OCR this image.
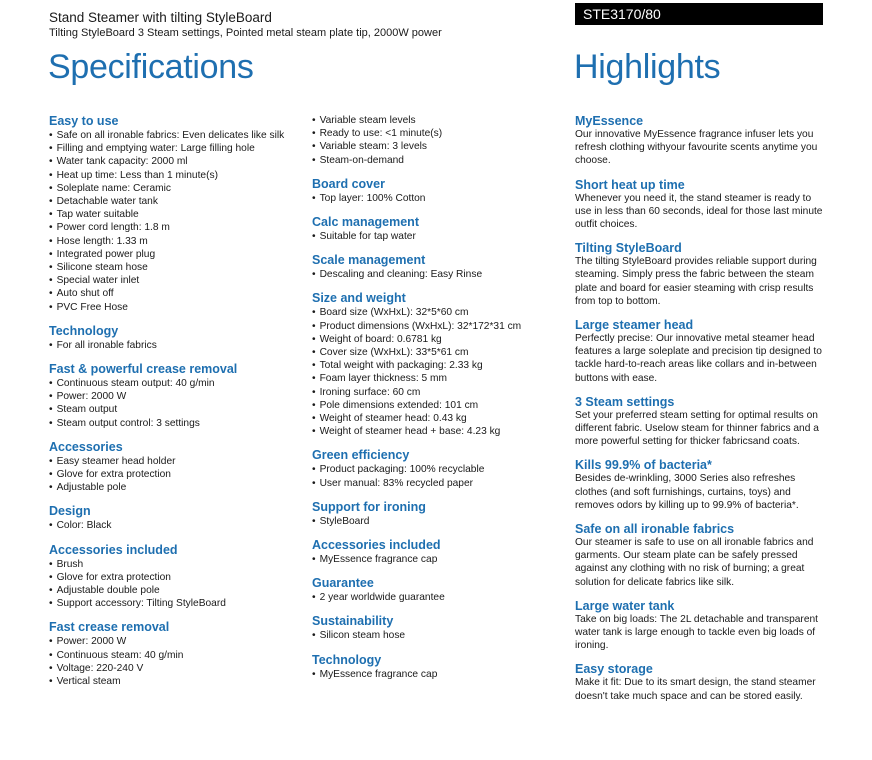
Stand Steamer with tilting StyleBoard
Tilting StyleBoard 3 Steam settings, Pointed metal steam plate tip, 2000W power
STE3170/80
Specifications	Highlights
Easy to use
• Safe on all ironable fabrics: Even delicates like silk
• Filling and emptying water: Large filling hole
• Water tank capacity: 2000 ml
• Heat up time: Less than 1 minute(s)
• Soleplate name: Ceramic
• Detachable water tank
• Tap water suitable
• Power cord length: 1.8 m
• Hose length: 1.33 m
• Integrated power plug
• Silicone steam hose
• Special water inlet
• Auto shut off
• PVC Free Hose
Technology
• For all ironable fabrics
Fast & powerful crease removal
• Continuous steam output: 40 g/min
• Power: 2000 W
• Steam output
• Steam output control: 3 settings
Accessories
• Easy steamer head holder
• Glove for extra protection
• Adjustable pole
Design
• Color: Black
Accessories included
• Brush
• Glove for extra protection
• Adjustable double pole
• Support accessory: Tilting StyleBoard
Fast crease removal
• Power: 2000 W
• Continuous steam: 40 g/min
• Voltage: 220-240 V
• Vertical steam
• Variable steam levels
• Ready to use: <1 minute(s)
• Variable steam: 3 levels
• Steam-on-demand
Board cover
• Top layer: 100% Cotton
Calc management
• Suitable for tap water
Scale management
• Descaling and cleaning: Easy Rinse
Size and weight
• Board size (WxHxL): 32*5*60 cm
• Product dimensions (WxHxL): 32*172*31 cm
• Weight of board: 0.6781 kg
• Cover size (WxHxL): 33*5*61 cm
• Total weight with packaging: 2.33 kg
• Foam layer thickness: 5 mm
• Ironing surface: 60 cm
• Pole dimensions extended: 101 cm
• Weight of steamer head: 0.43 kg
• Weight of steamer head + base: 4.23 kg
Green efficiency
• Product packaging: 100% recyclable
• User manual: 83% recycled paper
Support for ironing
• StyleBoard
Accessories included
• MyEssence fragrance cap
Guarantee
• 2 year worldwide guarantee
Sustainability
• Silicon steam hose
Technology
• MyEssence fragrance cap
MyEssence

Our innovative MyEssence fragrance infuser lets you refresh clothing withyour favourite scents anytime you choose.

Short heat up time

Whenever you need it, the stand steamer is ready to use in less than 60 seconds, ideal for those last minute outfit choices.

Tilting StyleBoard

The tilting StyleBoard provides reliable support during steaming. Simply press the fabric between the steam plate and board for easier steaming with crisp results from top to bottom.

Large steamer head

Perfectly precise: Our innovative metal steamer head features a large soleplate and precision tip designed to tackle hard-to-reach areas like collars and in-between buttons with ease.

3 Steam settings

Set your preferred steam setting for optimal results on different fabric. Uselow steam for thinner fabrics and a more powerful setting for thicker fabricsand coats.

Kills 99.9% of bacteria*

Besides de-wrinkling, 3000 Series also refreshes clothes (and soft furnishings, curtains, toys) and removes odors by killing up to 99.9% of bacteria*.

Safe on all ironable fabrics

Our steamer is safe to use on all ironable fabrics and garments. Our steam plate can be safely pressed against any clothing with no risk of burning; a great solution for delicate fabrics like silk.

Large water tank

Take on big loads: The 2L detachable and transparent water tank is large enough to tackle even big loads of ironing.

Easy storage

Make it fit: Due to its smart design, the stand steamer doesn't take much space and can be stored easily.
